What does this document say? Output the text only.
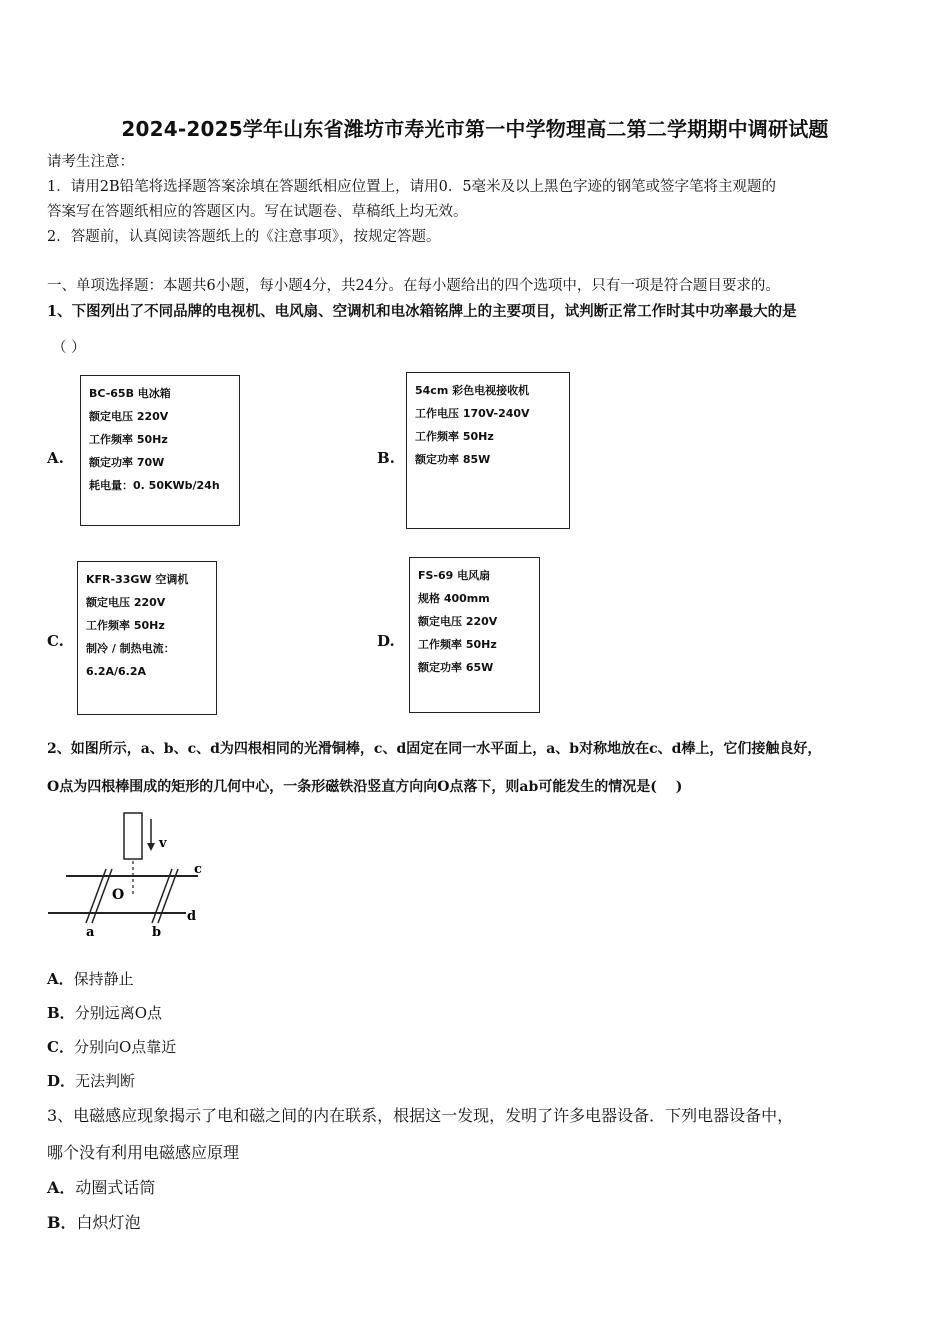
2024-2025学年山东省潍坊市寿光市第一中学物理高二第二学期期中调研试题
请考生注意：
1．请用2B铅笔将选择题答案涂填在答题纸相应位置上，请用0．5毫米及以上黑色字迹的钢笔或签字笔将主观题的
答案写在答题纸相应的答题区内。写在试题卷、草稿纸上均无效。
2．答题前，认真阅读答题纸上的《注意事项》，按规定答题。
一、单项选择题：本题共6小题，每小题4分，共24分。在每小题给出的四个选项中，只有一项是符合题目要求的。
1、下图列出了不同品牌的电视机、电风扇、空调机和电冰箱铭牌上的主要项目，试判断正常工作时其中功率最大的是
（ ）
A.
BC-65B 电冰箱
额定电压 220V
工作频率 50Hz
额定功率 70W
耗电量：0. 50KWb/24h
B.
54cm 彩色电视接收机
工作电压 170V-240V
工作频率 50Hz
额定功率 85W
C.
KFR-33GW 空调机
额定电压 220V
工作频率 50Hz
制冷 / 制热电流：
6.2A/6.2A
D.
FS-69 电风扇
规格 400mm
额定电压 220V
工作频率 50Hz
额定功率 65W
2、如图所示，a、b、c、d为四根相同的光滑铜棒，c、d固定在同一水平面上，a、b对称地放在c、d棒上，它们接触良好，
O点为四根棒围成的矩形的几何中心，一条形磁铁沿竖直方向向O点落下，则ab可能发生的情况是(　 )
v
c
d
O
a	b
A．保持静止
B．分别远离O点
C．分别向O点靠近
D．无法判断
3、电磁感应现象揭示了电和磁之间的内在联系，根据这一发现，发明了许多电器设备．下列电器设备中，
哪个没有利用电磁感应原理
A．动圈式话筒
B．白炽灯泡
